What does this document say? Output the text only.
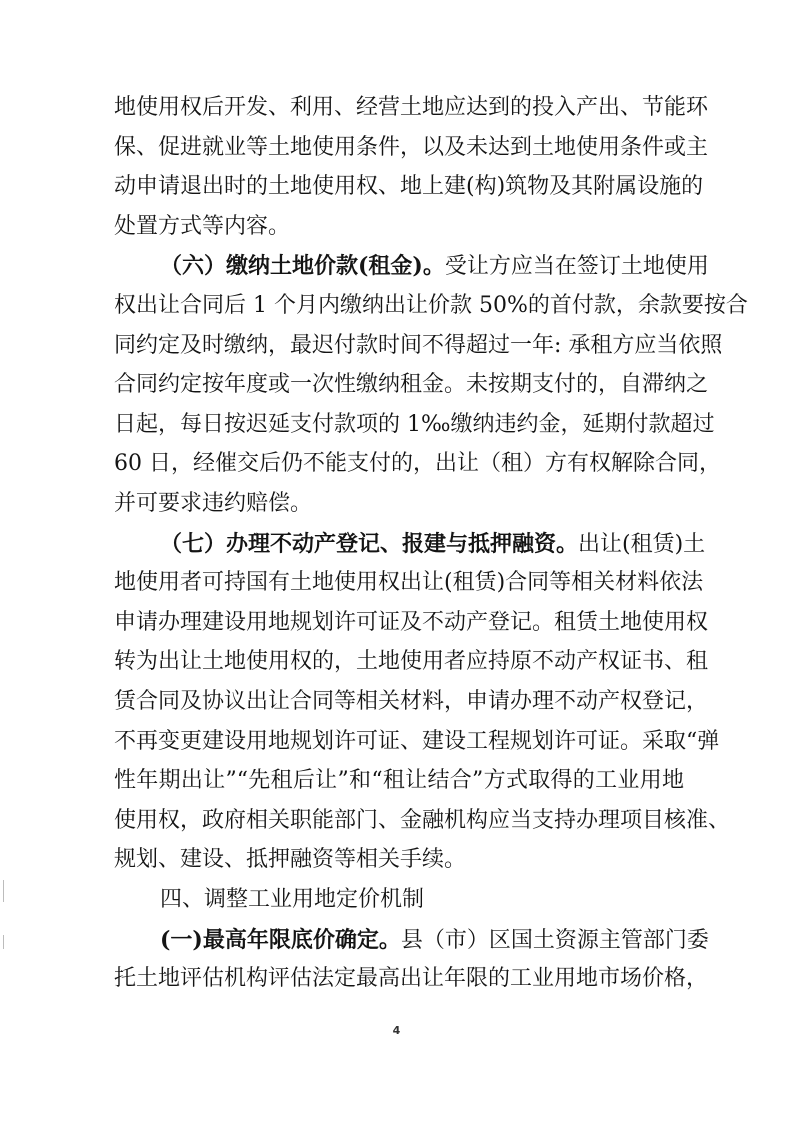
地使用权后开发、利用、经营土地应达到的投入产出、节能环
保、促进就业等土地使用条件，以及未达到土地使用条件或主
动申请退出时的土地使用权、地上建(构)筑物及其附属设施的
处置方式等内容。
（六）缴纳土地价款(租金)。受让方应当在签订土地使用
权出让合同后 1 个月内缴纳出让价款 50%的首付款，余款要按合
同约定及时缴纳，最迟付款时间不得超过一年: 承租方应当依照
合同约定按年度或一次性缴纳租金。未按期支付的，自滞纳之
日起，每日按迟延支付款项的 1‰缴纳违约金，延期付款超过
60 日，经催交后仍不能支付的，出让（租）方有权解除合同，
并可要求违约赔偿。
（七）办理不动产登记、报建与抵押融资。出让(租赁)土
地使用者可持国有土地使用权出让(租赁)合同等相关材料依法
申请办理建设用地规划许可证及不动产登记。租赁土地使用权
转为出让土地使用权的，土地使用者应持原不动产权证书、租
赁合同及协议出让合同等相关材料，申请办理不动产权登记，
不再变更建设用地规划许可证、建设工程规划许可证。采取“弹
性年期出让”“先租后让”和“租让结合”方式取得的工业用地
使用权，政府相关职能部门、金融机构应当支持办理项目核准、
规划、建设、抵押融资等相关手续。
四、调整工业用地定价机制
(一)最高年限底价确定。县（市）区国土资源主管部门委
托土地评估机构评估法定最高出让年限的工业用地市场价格，
4
